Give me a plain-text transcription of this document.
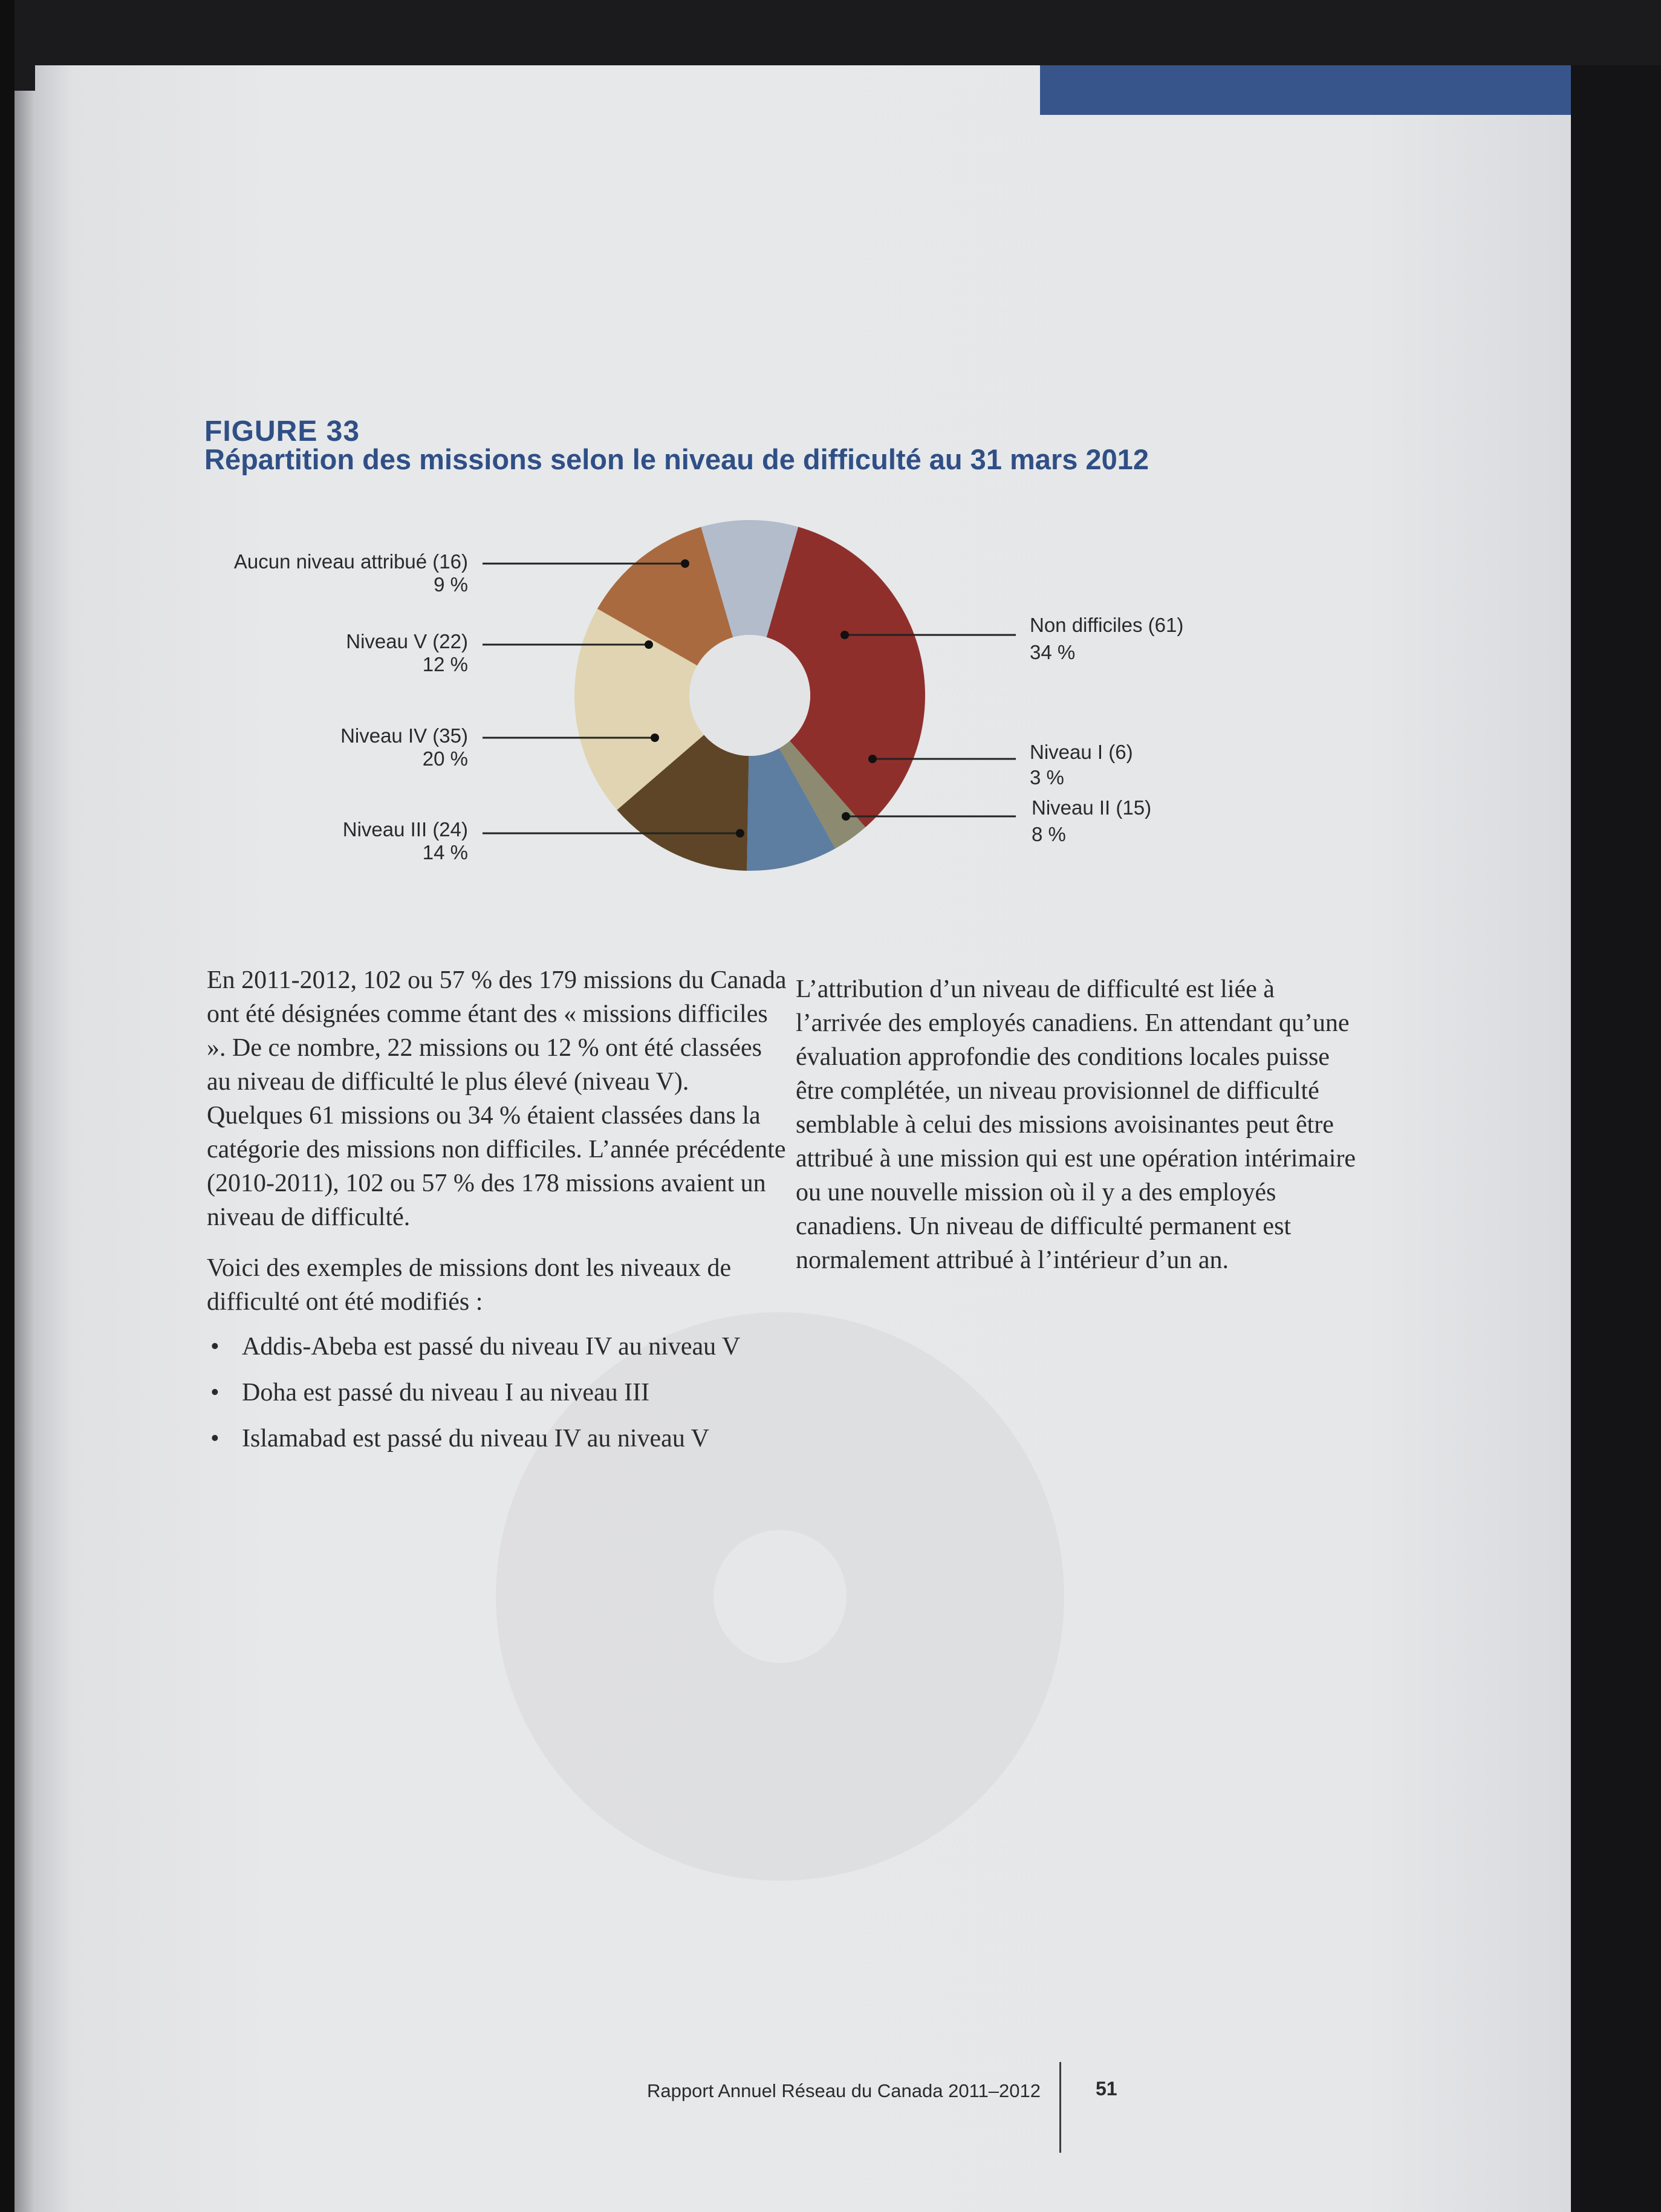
FIGURE 33
Répartition des missions selon le niveau de difficulté au 31 mars 2012
Aucun niveau attribué (16)
9 %
Niveau V (22)
12 %
Niveau IV (35)
20 %
Niveau III (24)
14 %
Non difficiles (61)
34 %
Niveau I (6)
3 %
Niveau II (15)
8 %

En 2011-2012, 102 ou 57 % des 179 missions du Canada ont été désignées comme étant des « missions difficiles ». De ce nombre, 22 missions ou 12 % ont été classées au niveau de difficulté le plus élevé (niveau V). Quelques 61 missions ou 34 % étaient classées dans la catégorie des missions non difficiles. L’année précédente (2010-2011), 102 ou 57 % des 178 missions avaient un niveau de difficulté.

Voici des exemples de missions dont les niveaux de difficulté ont été modifiés :

• Addis-Abeba est passé du niveau IV au niveau V
• Doha est passé du niveau I au niveau III
• Islamabad est passé du niveau IV au niveau V

L’attribution d’un niveau de difficulté est liée à l’arrivée des employés canadiens. En attendant qu’une évaluation approfondie des conditions locales puisse être complétée, un niveau provisionnel de difficulté semblable à celui des missions avoisinantes peut être attribué à une mission qui est une opération intérimaire ou une nouvelle mission où il y a des employés canadiens. Un niveau de difficulté permanent est normalement attribué à l’intérieur d’un an.

Rapport Annuel Réseau du Canada 2011–2012	51
